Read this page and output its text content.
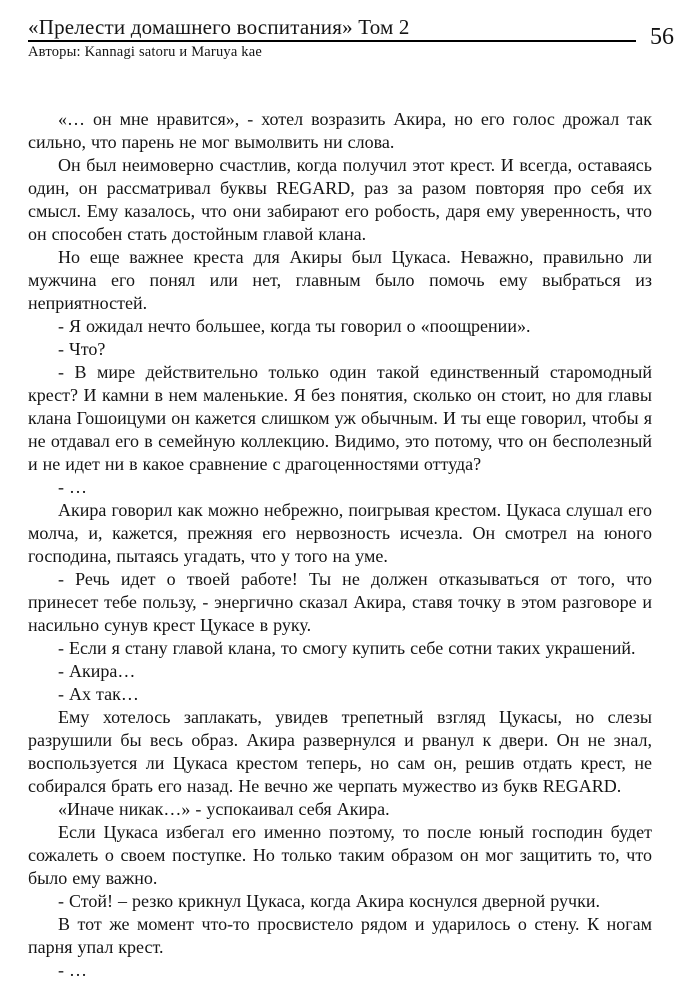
«Прелести домашнего воспитания» Том 2	56
Авторы: Kannagi satoru и Maruya kae

«… он мне нравится», - хотел возразить Акира, но его голос дрожал так сильно, что парень не мог вымолвить ни слова.

Он был неимоверно счастлив, когда получил этот крест. И всегда, оставаясь один, он рассматривал буквы REGARD, раз за разом повторяя про себя их смысл. Ему казалось, что они забирают его робость, даря ему уверенность, что он способен стать достойным главой клана.

Но еще важнее креста для Акиры был Цукаса. Неважно, правильно ли мужчина его понял или нет, главным было помочь ему выбраться из неприятностей.

- Я ожидал нечто большее, когда ты говорил о «поощрении».

- Что?

- В мире действительно только один такой единственный старомодный крест? И камни в нем маленькие. Я без понятия, сколько он стоит, но для главы клана Гошоицуми он кажется слишком уж обычным. И ты еще говорил, чтобы я не отдавал его в семейную коллекцию. Видимо, это потому, что он бесполезный и не идет ни в какое сравнение с драгоценностями оттуда?

- …

Акира говорил как можно небрежно, поигрывая крестом. Цукаса слушал его молча, и, кажется, прежняя его нервозность исчезла. Он смотрел на юного господина, пытаясь угадать, что у того на уме.

- Речь идет о твоей работе! Ты не должен отказываться от того, что принесет тебе пользу, - энергично сказал Акира, ставя точку в этом разговоре и насильно сунув крест Цукасе в руку.

- Если я стану главой клана, то смогу купить себе сотни таких украшений.

- Акира…

- Ах так…

Ему хотелось заплакать, увидев трепетный взгляд Цукасы, но слезы разрушили бы весь образ. Акира развернулся и рванул к двери. Он не знал, воспользуется ли Цукаса крестом теперь, но сам он, решив отдать крест, не собирался брать его назад. Не вечно же черпать мужество из букв REGARD.

«Иначе никак…» - успокаивал себя Акира.

Если Цукаса избегал его именно поэтому, то после юный господин будет сожалеть о своем поступке. Но только таким образом он мог защитить то, что было ему важно.

- Стой! – резко крикнул Цукаса, когда Акира коснулся дверной ручки.

В тот же момент что-то просвистело рядом и ударилось о стену. К ногам парня упал крест.

- …
